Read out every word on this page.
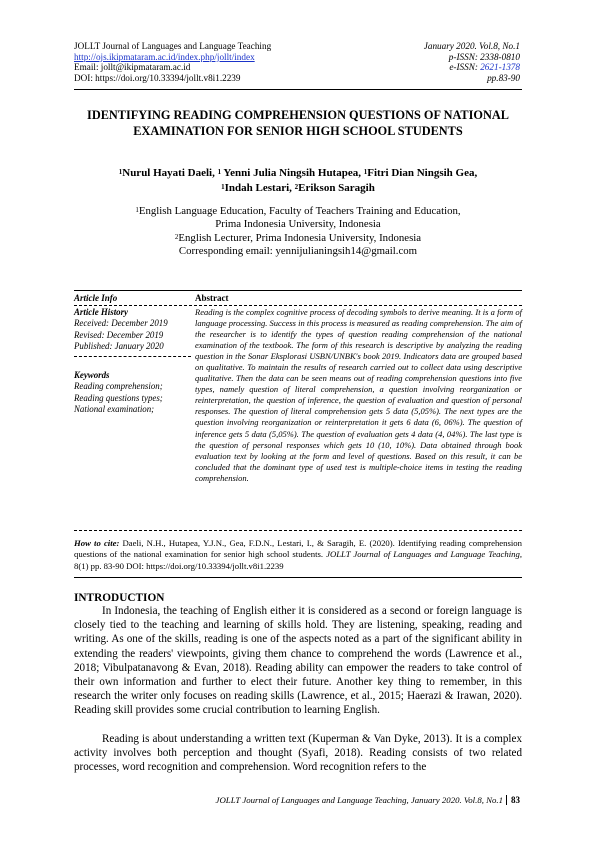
JOLLT Journal of Languages and Language Teaching
http://ojs.ikipmataram.ac.id/index.php/jollt/index
Email: jollt@ikipmataram.ac.id
DOI: https://doi.org/10.33394/jollt.v8i1.2239
January 2020. Vol.8, No.1
p-ISSN: 2338-0810
e-ISSN: 2621-1378
pp.83-90
IDENTIFYING READING COMPREHENSION QUESTIONS OF NATIONAL EXAMINATION FOR SENIOR HIGH SCHOOL STUDENTS
$^1$Nurul Hayati Daeli, $^1$ Yenni Julia Ningsih Hutapea, $^1$Fitri Dian Ningsih Gea,
$^1$Indah Lestari, $^2$Erikson Saragih
$^1$English Language Education, Faculty of Teachers Training and Education,
Prima Indonesia University, Indonesia
$^2$English Lecturer, Prima Indonesia University, Indonesia
Corresponding email: yennijulianingsih14@gmail.com
Article Info	Abstract
Article History
Received: December 2019
Revised: December 2019
Published: January 2020
Keywords
Reading comprehension;
Reading questions types;
National examination;
Reading is the complex cognitive process of decoding symbols to derive meaning. It is a form of language processing. Success in this process is measured as reading comprehension. The aim of the researcher is to identify the types of question reading comprehension of the national examination of the textbook. The form of this research is descriptive by analyzing the reading question in the Sonar Eksplorasi USBN/UNBK's book 2019. Indicators data are grouped based on qualitative. To maintain the results of research carried out to collect data using descriptive qualitative. Then the data can be seen means out of reading comprehension questions into five types, namely question of literal comprehension, a question involving reorganization or reinterpretation, the question of inference, the question of evaluation and question of personal responses. The question of literal comprehension gets 5 data (5,05%). The next types are the question involving reorganization or reinterpretation it gets 6 data (6, 06%). The question of inference gets 5 data (5,05%). The question of evaluation gets 4 data (4, 04%). The last type is the question of personal responses which gets 10 (10, 10%). Data obtained through book evaluation text by looking at the form and level of questions. Based on this result, it can be concluded that the dominant type of used test is multiple-choice items in testing the reading comprehension.
How to cite: Daeli, N.H., Hutapea, Y.J.N., Gea, F.D.N., Lestari, I., & Saragih, E. (2020). Identifying reading comprehension questions of the national examination for senior high school students. JOLLT Journal of Languages and Language Teaching, 8(1) pp. 83-90 DOI: https://doi.org/10.33394/jollt.v8i1.2239
INTRODUCTION
In Indonesia, the teaching of English either it is considered as a second or foreign language is closely tied to the teaching and learning of skills hold. They are listening, speaking, reading and writing. As one of the skills, reading is one of the aspects noted as a part of the significant ability in extending the readers' viewpoints, giving them chance to comprehend the words (Lawrence et al., 2018; Vibulpatanavong & Evan, 2018). Reading ability can empower the readers to take control of their own information and further to elect their future. Another key thing to remember, in this research the writer only focuses on reading skills (Lawrence, et al., 2015; Haerazi & Irawan, 2020). Reading skill provides some crucial contribution to learning English.
Reading is about understanding a written text (Kuperman & Van Dyke, 2013). It is a complex activity involves both perception and thought (Syafi, 2018). Reading consists of two related processes, word recognition and comprehension. Word recognition refers to the
JOLLT Journal of Languages and Language Teaching, January 2020. Vol.8, No.1 83
